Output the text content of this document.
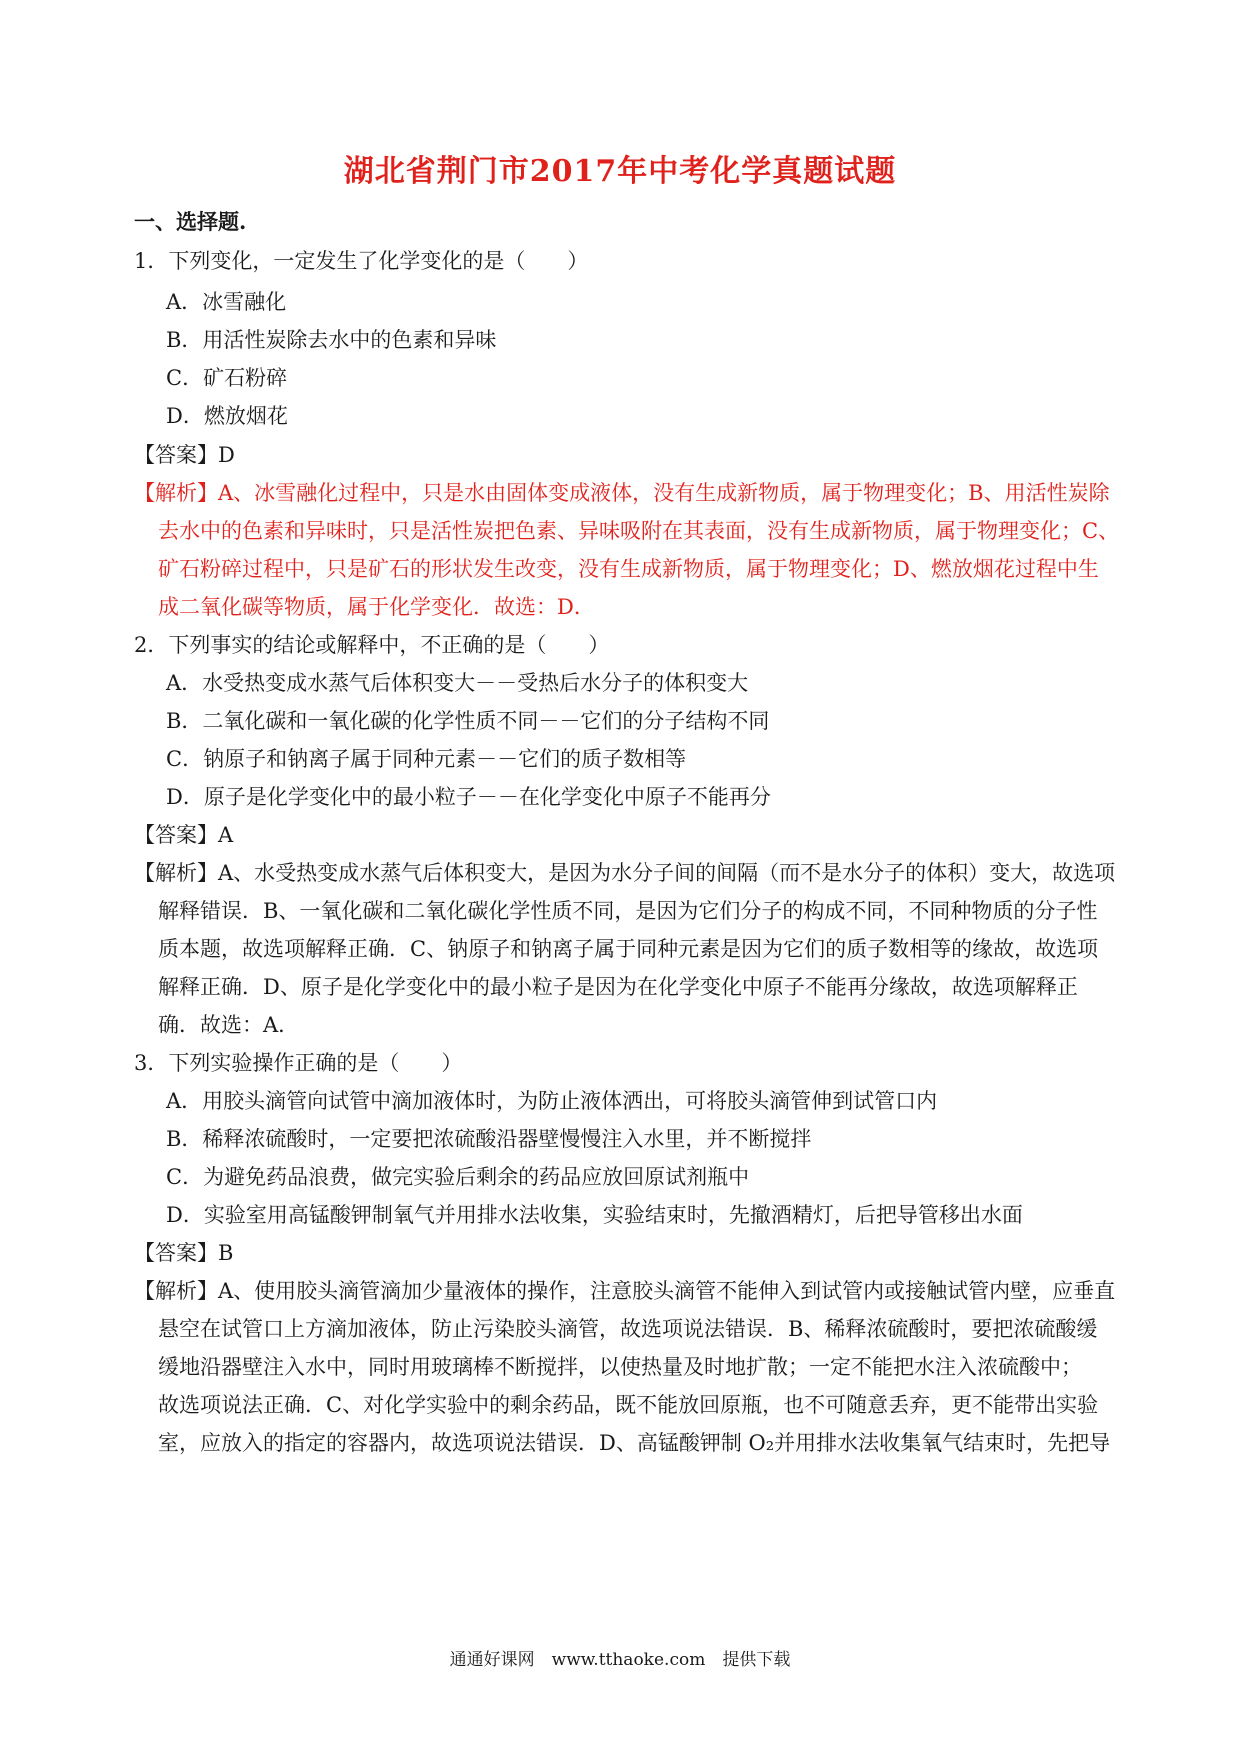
湖北省荆门市2017年中考化学真题试题
一、选择题.
1．下列变化，一定发生了化学变化的是（　　）
A．冰雪融化
B．用活性炭除去水中的色素和异味
C．矿石粉碎
D．燃放烟花
【答案】D
【解析】A、冰雪融化过程中，只是水由固体变成液体，没有生成新物质，属于物理变化；B、用活性炭除
去水中的色素和异味时，只是活性炭把色素、异味吸附在其表面，没有生成新物质，属于物理变化；C、
矿石粉碎过程中，只是矿石的形状发生改变，没有生成新物质，属于物理变化；D、燃放烟花过程中生
成二氧化碳等物质，属于化学变化．故选：D．
2．下列事实的结论或解释中，不正确的是（　　）
A．水受热变成水蒸气后体积变大－－受热后水分子的体积变大
B．二氧化碳和一氧化碳的化学性质不同－－它们的分子结构不同
C．钠原子和钠离子属于同种元素－－它们的质子数相等
D．原子是化学变化中的最小粒子－－在化学变化中原子不能再分
【答案】A
【解析】A、水受热变成水蒸气后体积变大，是因为水分子间的间隔（而不是水分子的体积）变大，故选项
解释错误．B、一氧化碳和二氧化碳化学性质不同，是因为它们分子的构成不同，不同种物质的分子性
质本题，故选项解释正确．C、钠原子和钠离子属于同种元素是因为它们的质子数相等的缘故，故选项
解释正确．D、原子是化学变化中的最小粒子是因为在化学变化中原子不能再分缘故，故选项解释正
确．故选：A．
3．下列实验操作正确的是（　　）
A．用胶头滴管向试管中滴加液体时，为防止液体洒出，可将胶头滴管伸到试管口内
B．稀释浓硫酸时，一定要把浓硫酸沿器壁慢慢注入水里，并不断搅拌
C．为避免药品浪费，做完实验后剩余的药品应放回原试剂瓶中
D．实验室用高锰酸钾制氧气并用排水法收集，实验结束时，先撤酒精灯，后把导管移出水面
【答案】B
【解析】A、使用胶头滴管滴加少量液体的操作，注意胶头滴管不能伸入到试管内或接触试管内壁，应垂直
悬空在试管口上方滴加液体，防止污染胶头滴管，故选项说法错误．B、稀释浓硫酸时，要把浓硫酸缓
缓地沿器壁注入水中，同时用玻璃棒不断搅拌，以使热量及时地扩散；一定不能把水注入浓硫酸中；
故选项说法正确．C、对化学实验中的剩余药品，既不能放回原瓶，也不可随意丢弃，更不能带出实验
室，应放入的指定的容器内，故选项说法错误．D、高锰酸钾制 O₂并用排水法收集氧气结束时，先把导
通通好课网　www.tthaoke.com　提供下载
